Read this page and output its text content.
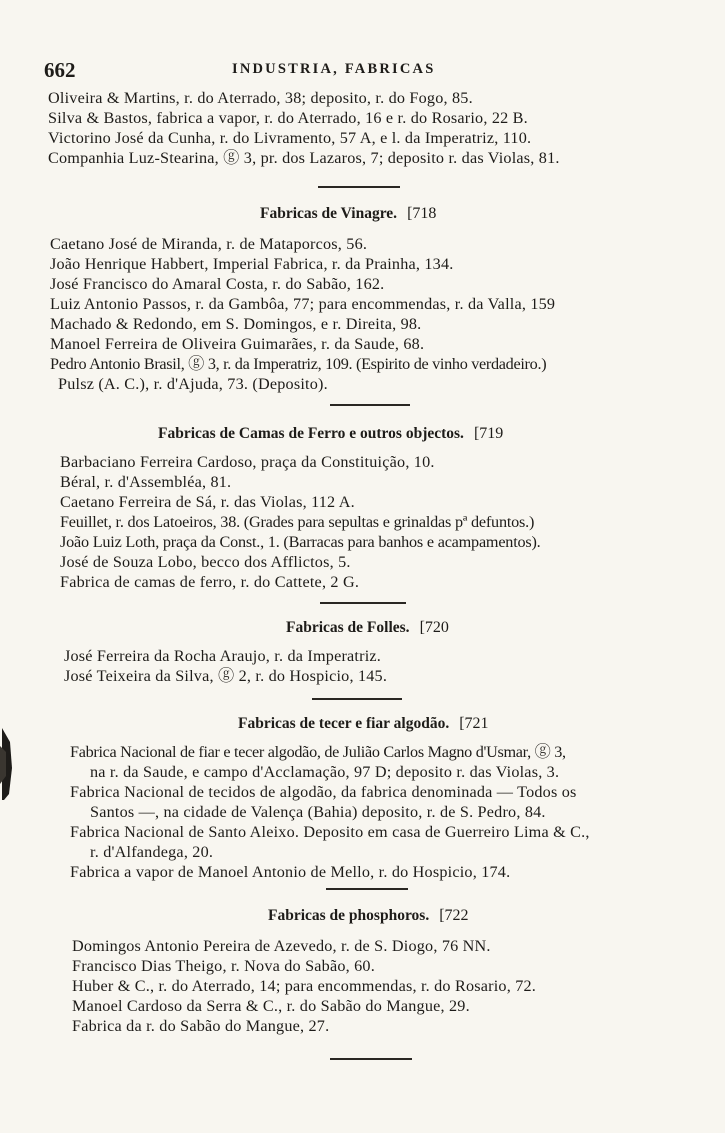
662	INDUSTRIA, FABRICAS
Oliveira & Martins, r. do Aterrado, 38; deposito, r. do Fogo, 85.
Silva & Bastos, fabrica a vapor, r. do Aterrado, 16 e r. do Rosario, 22 B.
Victorino José da Cunha, r. do Livramento, 57 A, e l. da Imperatriz, 110.
Companhia Luz-Stearina, ⓖ 3, pr. dos Lazaros, 7; deposito r. das Violas, 81.
Fabricas de Vinagre. [718
Caetano José de Miranda, r. de Mataporcos, 56.
João Henrique Habbert, Imperial Fabrica, r. da Prainha, 134.
José Francisco do Amaral Costa, r. do Sabão, 162.
Luiz Antonio Passos, r. da Gambôa, 77; para encommendas, r. da Valla, 159
Machado & Redondo, em S. Domingos, e r. Direita, 98.
Manoel Ferreira de Oliveira Guimarães, r. da Saude, 68.
Pedro Antonio Brasil, ⓖ 3, r. da Imperatriz, 109. (Espirito de vinho verdadeiro.)
Pulsz (A. C.), r. d'Ajuda, 73. (Deposito).
Fabricas de Camas de Ferro e outros objectos. [719
Barbaciano Ferreira Cardoso, praça da Constituição, 10.
Béral, r. d'Assembléa, 81.
Caetano Ferreira de Sá, r. das Violas, 112 A.
Feuillet, r. dos Latoeiros, 38. (Grades para sepultas e grinaldas pª defuntos.)
João Luiz Loth, praça da Const., 1. (Barracas para banhos e acampamentos).
José de Souza Lobo, becco dos Afflictos, 5.
Fabrica de camas de ferro, r. do Cattete, 2 G.
Fabricas de Folles. [720
José Ferreira da Rocha Araujo, r. da Imperatriz.
José Teixeira da Silva, ⓖ 2, r. do Hospicio, 145.
Fabricas de tecer e fiar algodão. [721
Fabrica Nacional de fiar e tecer algodão, de Julião Carlos Magno d'Usmar, ⓖ 3,
na r. da Saude, e campo d'Acclamação, 97 D; deposito r. das Violas, 3.
Fabrica Nacional de tecidos de algodão, da fabrica denominada — Todos os
Santos —, na cidade de Valença (Bahia) deposito, r. de S. Pedro, 84.
Fabrica Nacional de Santo Aleixo. Deposito em casa de Guerreiro Lima & C.,
r. d'Alfandega, 20.
Fabrica a vapor de Manoel Antonio de Mello, r. do Hospicio, 174.
Fabricas de phosphoros. [722
Domingos Antonio Pereira de Azevedo, r. de S. Diogo, 76 NN.
Francisco Dias Theigo, r. Nova do Sabão, 60.
Huber & C., r. do Aterrado, 14; para encommendas, r. do Rosario, 72.
Manoel Cardoso da Serra & C., r. do Sabão do Mangue, 29.
Fabrica da r. do Sabão do Mangue, 27.
